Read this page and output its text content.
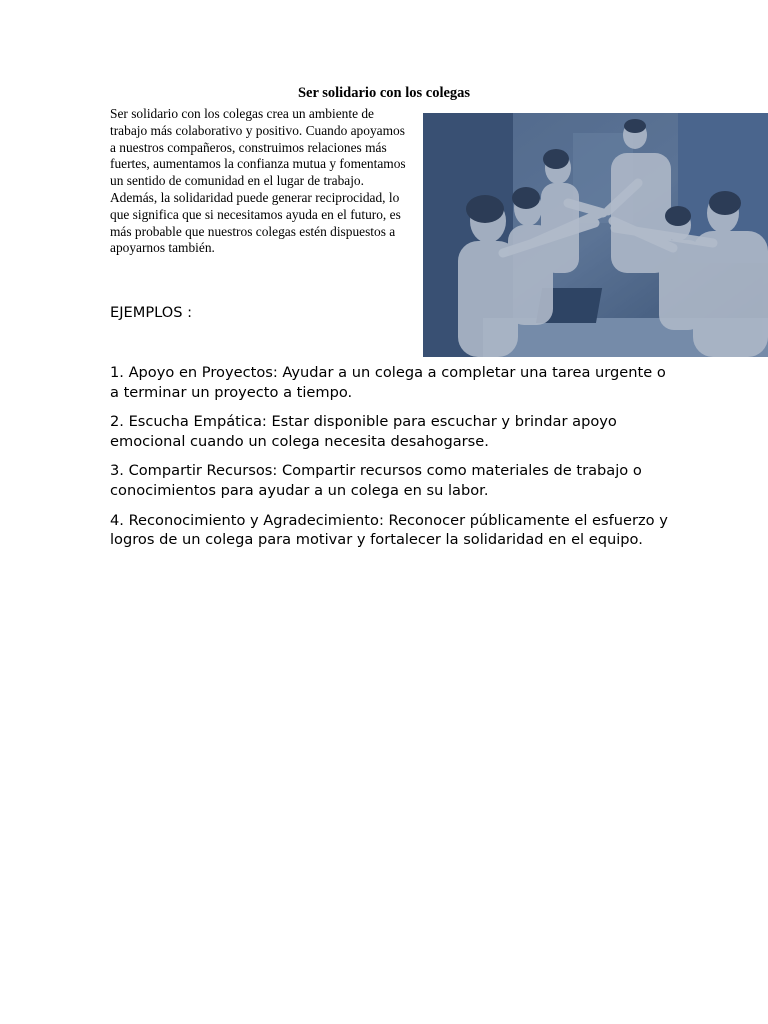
Ser solidario con los colegas

Ser solidario con los colegas crea un ambiente de trabajo más colaborativo y positivo. Cuando apoyamos a nuestros compañeros, construimos relaciones más fuertes, aumentamos la confianza mutua y fomentamos un sentido de comunidad en el lugar de trabajo. Además, la solidaridad puede generar reciprocidad, lo que significa que si necesitamos ayuda en el futuro, es más probable que nuestros colegas estén dispuestos a apoyarnos también.

EJEMPLOS :

1. Apoyo en Proyectos: Ayudar a un colega a completar una tarea urgente o a terminar un proyecto a tiempo.
2. Escucha Empática: Estar disponible para escuchar y brindar apoyo emocional cuando un colega necesita desahogarse.
3. Compartir Recursos: Compartir recursos como materiales de trabajo o conocimientos para ayudar a un colega en su labor.
4. Reconocimiento y Agradecimiento: Reconocer públicamente el esfuerzo y logros de un colega para motivar y fortalecer la solidaridad en el equipo.
